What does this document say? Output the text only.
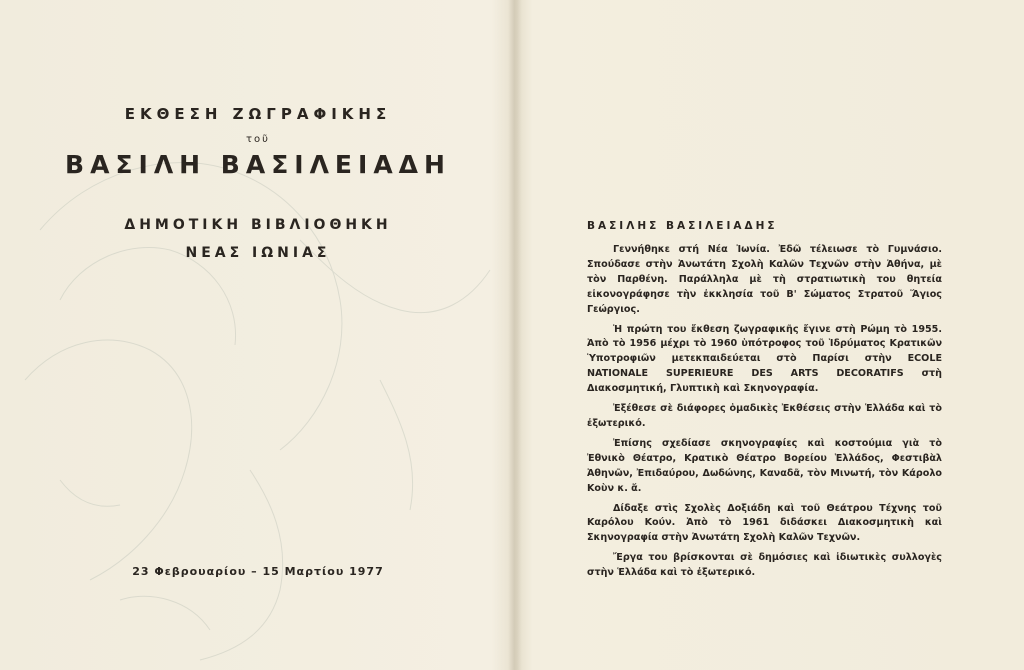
ΕΚΘΕΣΗ ΖΩΓΡΑΦΙΚΗΣ
τοῦ
ΒΑΣΙΛΗ ΒΑΣΙΛΕΙΑΔΗ
ΔΗΜΟΤΙΚΗ ΒΙΒΛΙΟΘΗΚΗ
ΝΕΑΣ ΙΩΝΙΑΣ
23 Φεβρουαρίου – 15 Μαρτίου 1977
ΒΑΣΙΛΗΣ ΒΑΣΙΛΕΙΑΔΗΣ

Γεννήθηκε στή Νέα Ἰωνία. Ἐδῶ τέλειωσε τὸ Γυμνάσιο. Σπούδασε στὴν Ἀνωτάτη Σχολὴ Καλῶν Τεχνῶν στὴν Ἀθήνα, μὲ τὸν Παρθένη. Παράλληλα μὲ τὴ στρατιωτικὴ του θητεία εἰκονογράφησε τὴν ἐκκλησία τοῦ Β' Σώματος Στρατοῦ Ἅγιος Γεώργιος.

Ἡ πρώτη του ἔκθεση ζωγραφικῆς ἔγινε στὴ Ρώμη τὸ 1955. Ἀπὸ τὸ 1956 μέχρι τὸ 1960 ὑπότροφος τοῦ Ἱδρύματος Κρατικῶν Ὑποτροφιῶν μετεκπαιδεύεται στὸ Παρίσι στὴν ECOLE NATIONALE SUPERIEURE DES ARTS DECORATIFS στὴ Διακοσμητική, Γλυπτικὴ καὶ Σκηνογραφία.

Ἐξέθεσε σὲ διάφορες ὁμαδικὲς Ἐκθέσεις στὴν Ἑλλάδα καὶ τὸ ἐξωτερικό.

Ἐπίσης σχεδίασε σκηνογραφίες καὶ κοστούμια γιὰ τὸ Ἐθνικὸ Θέατρο, Κρατικὸ Θέατρο Βορείου Ἑλλάδος, Φεστιβὰλ Ἀθηνῶν, Ἐπιδαύρου, Δωδώνης, Καναδᾶ, τὸν Μινωτή, τὸν Κάρολο Κοὺν κ. ἄ.

Δίδαξε στὶς Σχολὲς Δοξιάδη καὶ τοῦ Θεάτρου Τέχνης τοῦ Καρόλου Κούν. Ἀπὸ τὸ 1961 διδάσκει Διακοσμητικὴ καὶ Σκηνογραφία στὴν Ἀνωτάτη Σχολὴ Καλῶν Τεχνῶν.

Ἔργα του βρίσκονται σὲ δημόσιες καὶ ἰδιωτικὲς συλλογὲς στὴν Ἑλλάδα καὶ τὸ ἐξωτερικό.
